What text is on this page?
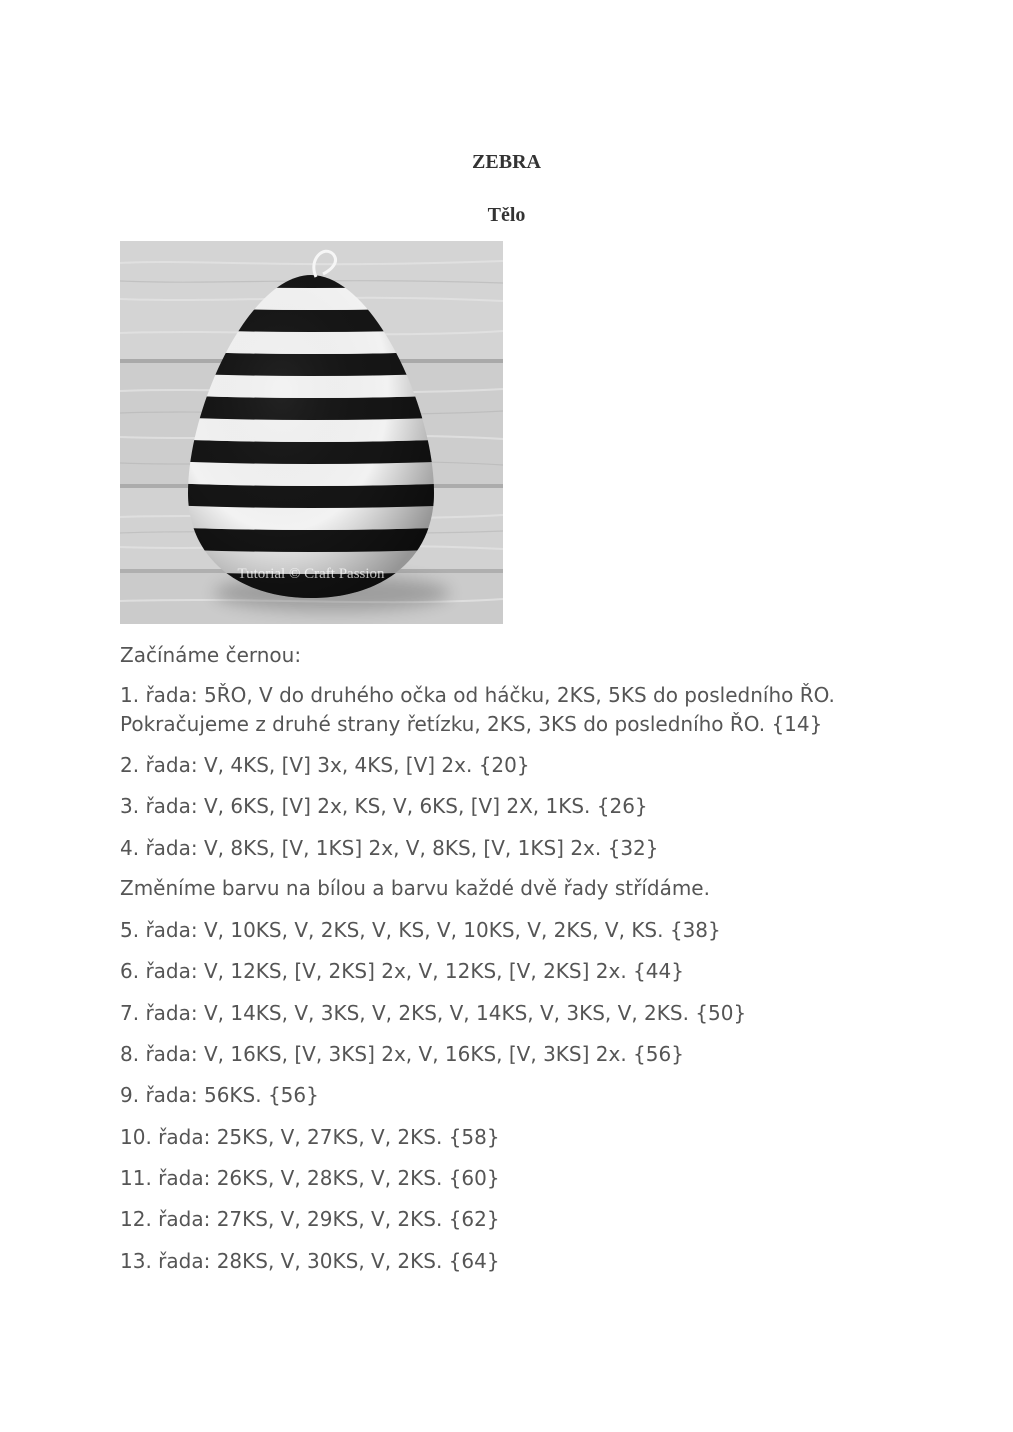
ZEBRA
Tělo
Tutorial © Craft Passion

Začínáme černou:

1. řada: 5ŘO, V do druhého očka od háčku, 2KS, 5KS do posledního ŘO.
Pokračujeme z druhé strany řetízku, 2KS, 3KS do posledního ŘO. {14}

2. řada: V, 4KS, [V] 3x, 4KS, [V] 2x. {20}

3. řada: V, 6KS, [V] 2x, KS, V, 6KS, [V] 2X, 1KS. {26}

4. řada: V, 8KS, [V, 1KS] 2x, V, 8KS, [V, 1KS] 2x. {32}

Změníme barvu na bílou a barvu každé dvě řady střídáme.

5. řada: V, 10KS, V, 2KS, V, KS, V, 10KS, V, 2KS, V, KS. {38}

6. řada: V, 12KS, [V, 2KS] 2x, V, 12KS, [V, 2KS] 2x. {44}

7. řada: V, 14KS, V, 3KS, V, 2KS, V, 14KS, V, 3KS, V, 2KS. {50}

8. řada: V, 16KS, [V, 3KS] 2x, V, 16KS, [V, 3KS] 2x. {56}

9. řada: 56KS. {56}

10. řada: 25KS, V, 27KS, V, 2KS. {58}

11. řada: 26KS, V, 28KS, V, 2KS. {60}

12. řada: 27KS, V, 29KS, V, 2KS. {62}

13. řada: 28KS, V, 30KS, V, 2KS. {64}
